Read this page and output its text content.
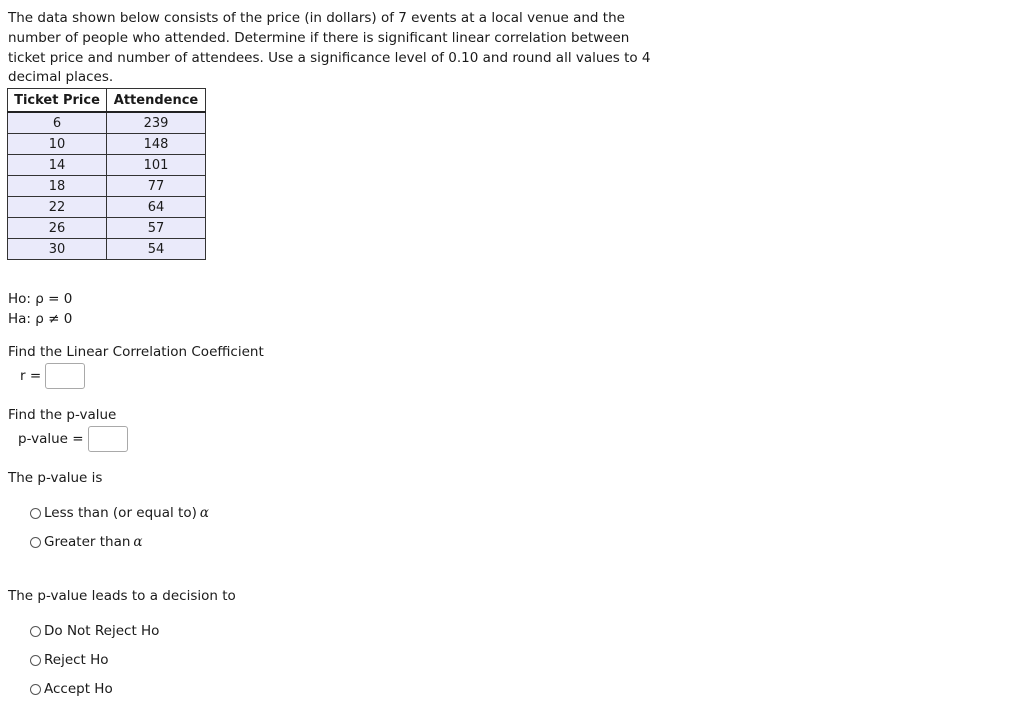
The data shown below consists of the price (in dollars) of 7 events at a local venue and the number of people who attended. Determine if there is significant linear correlation between ticket price and number of attendees. Use a significance level of 0.10 and round all values to 4 decimal places.

Ticket Price	Attendence
6	239
10	148
14	101
18	77
22	64
26	57
30	54
Ho: ρ = 0
Ha: ρ ≠ 0
Find the Linear Correlation Coefficient
r =
Find the p-value
p-value =
The p-value is
Less than (or equal to) α
Greater than α
The p-value leads to a decision to
Do Not Reject Ho
Reject Ho
Accept Ho
